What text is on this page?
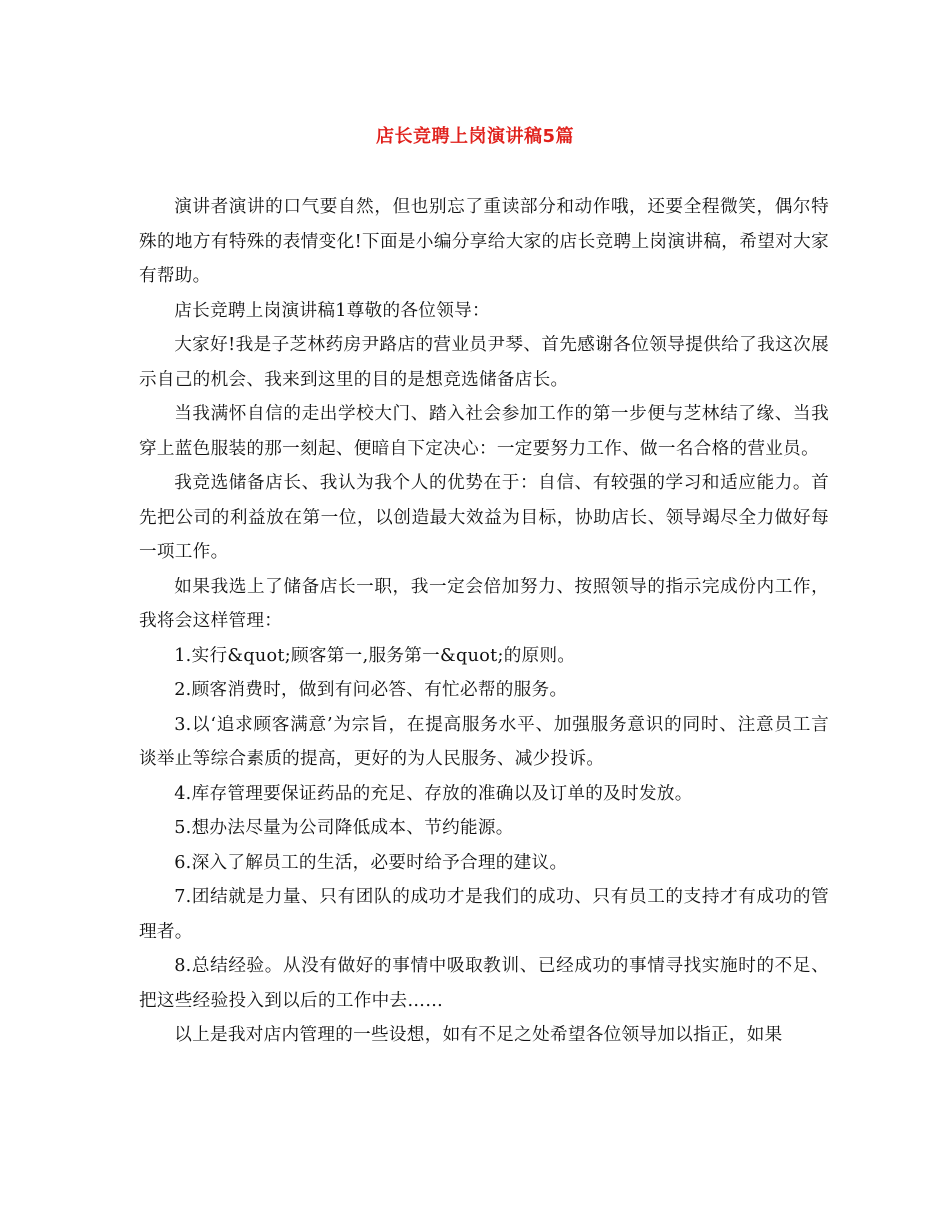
店长竞聘上岗演讲稿5篇

演讲者演讲的口气要自然，但也别忘了重读部分和动作哦，还要全程微笑，偶尔特殊的地方有特殊的表情变化!下面是小编分享给大家的店长竞聘上岗演讲稿，希望对大家有帮助。

店长竞聘上岗演讲稿1尊敬的各位领导：

大家好!我是子芝林药房尹路店的营业员尹琴、首先感谢各位领导提供给了我这次展示自己的机会、我来到这里的目的是想竞选储备店长。

当我满怀自信的走出学校大门、踏入社会参加工作的第一步便与芝林结了缘、当我穿上蓝色服装的那一刻起、便暗自下定决心：一定要努力工作、做一名合格的营业员。

我竞选储备店长、我认为我个人的优势在于：自信、有较强的学习和适应能力。首先把公司的利益放在第一位，以创造最大效益为目标，协助店长、领导竭尽全力做好每一项工作。

如果我选上了储备店长一职，我一定会倍加努力、按照领导的指示完成份内工作，我将会这样管理：

1.实行&quot;顾客第一,服务第一&quot;的原则。

2.顾客消费时，做到有问必答、有忙必帮的服务。

3.以‘追求顾客满意’为宗旨，在提高服务水平、加强服务意识的同时、注意员工言谈举止等综合素质的提高，更好的为人民服务、减少投诉。

4.库存管理要保证药品的充足、存放的准确以及订单的及时发放。

5.想办法尽量为公司降低成本、节约能源。

6.深入了解员工的生活，必要时给予合理的建议。

7.团结就是力量、只有团队的成功才是我们的成功、只有员工的支持才有成功的管理者。

8.总结经验。从没有做好的事情中吸取教训、已经成功的事情寻找实施时的不足、把这些经验投入到以后的工作中去……

以上是我对店内管理的一些设想，如有不足之处希望各位领导加以指正，如果
